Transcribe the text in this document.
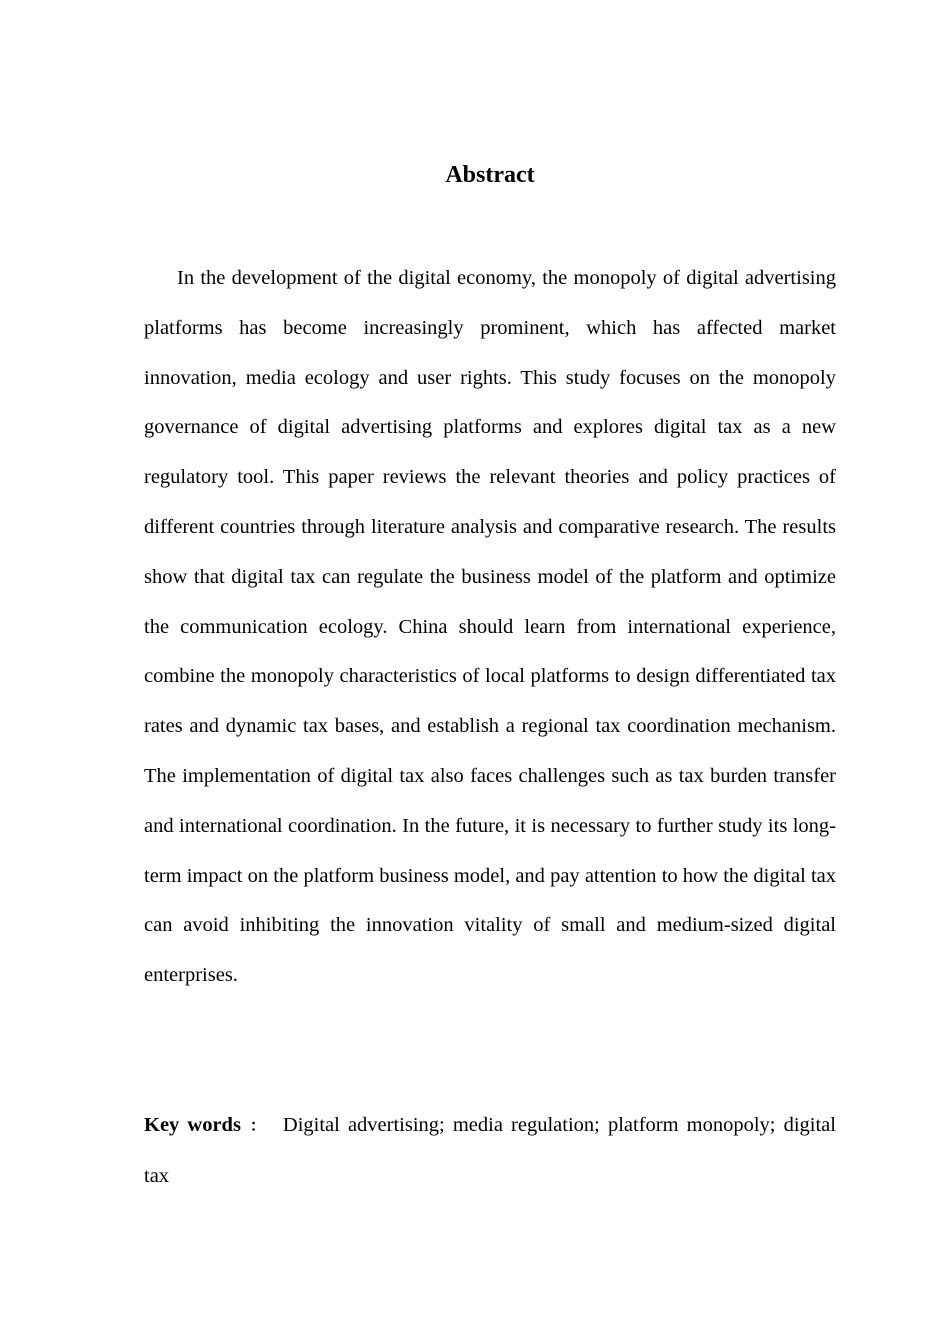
Abstract

In the development of the digital economy, the monopoly of digital advertising platforms has become increasingly prominent, which has affected market innovation, media ecology and user rights. This study focuses on the monopoly governance of digital advertising platforms and explores digital tax as a new regulatory tool. This paper reviews the relevant theories and policy practices of different countries through literature analysis and comparative research. The results show that digital tax can regulate the business model of the platform and optimize the communication ecology. China should learn from international experience, combine the monopoly characteristics of local platforms to design differentiated tax rates and dynamic tax bases, and establish a regional tax coordination mechanism. The implementation of digital tax also faces challenges such as tax burden transfer and international coordination. In the future, it is necessary to further study its long-term impact on the platform business model, and pay attention to how the digital tax can avoid inhibiting the innovation vitality of small and medium-sized digital enterprises.

Key words ： Digital advertising; media regulation; platform monopoly; digital tax
